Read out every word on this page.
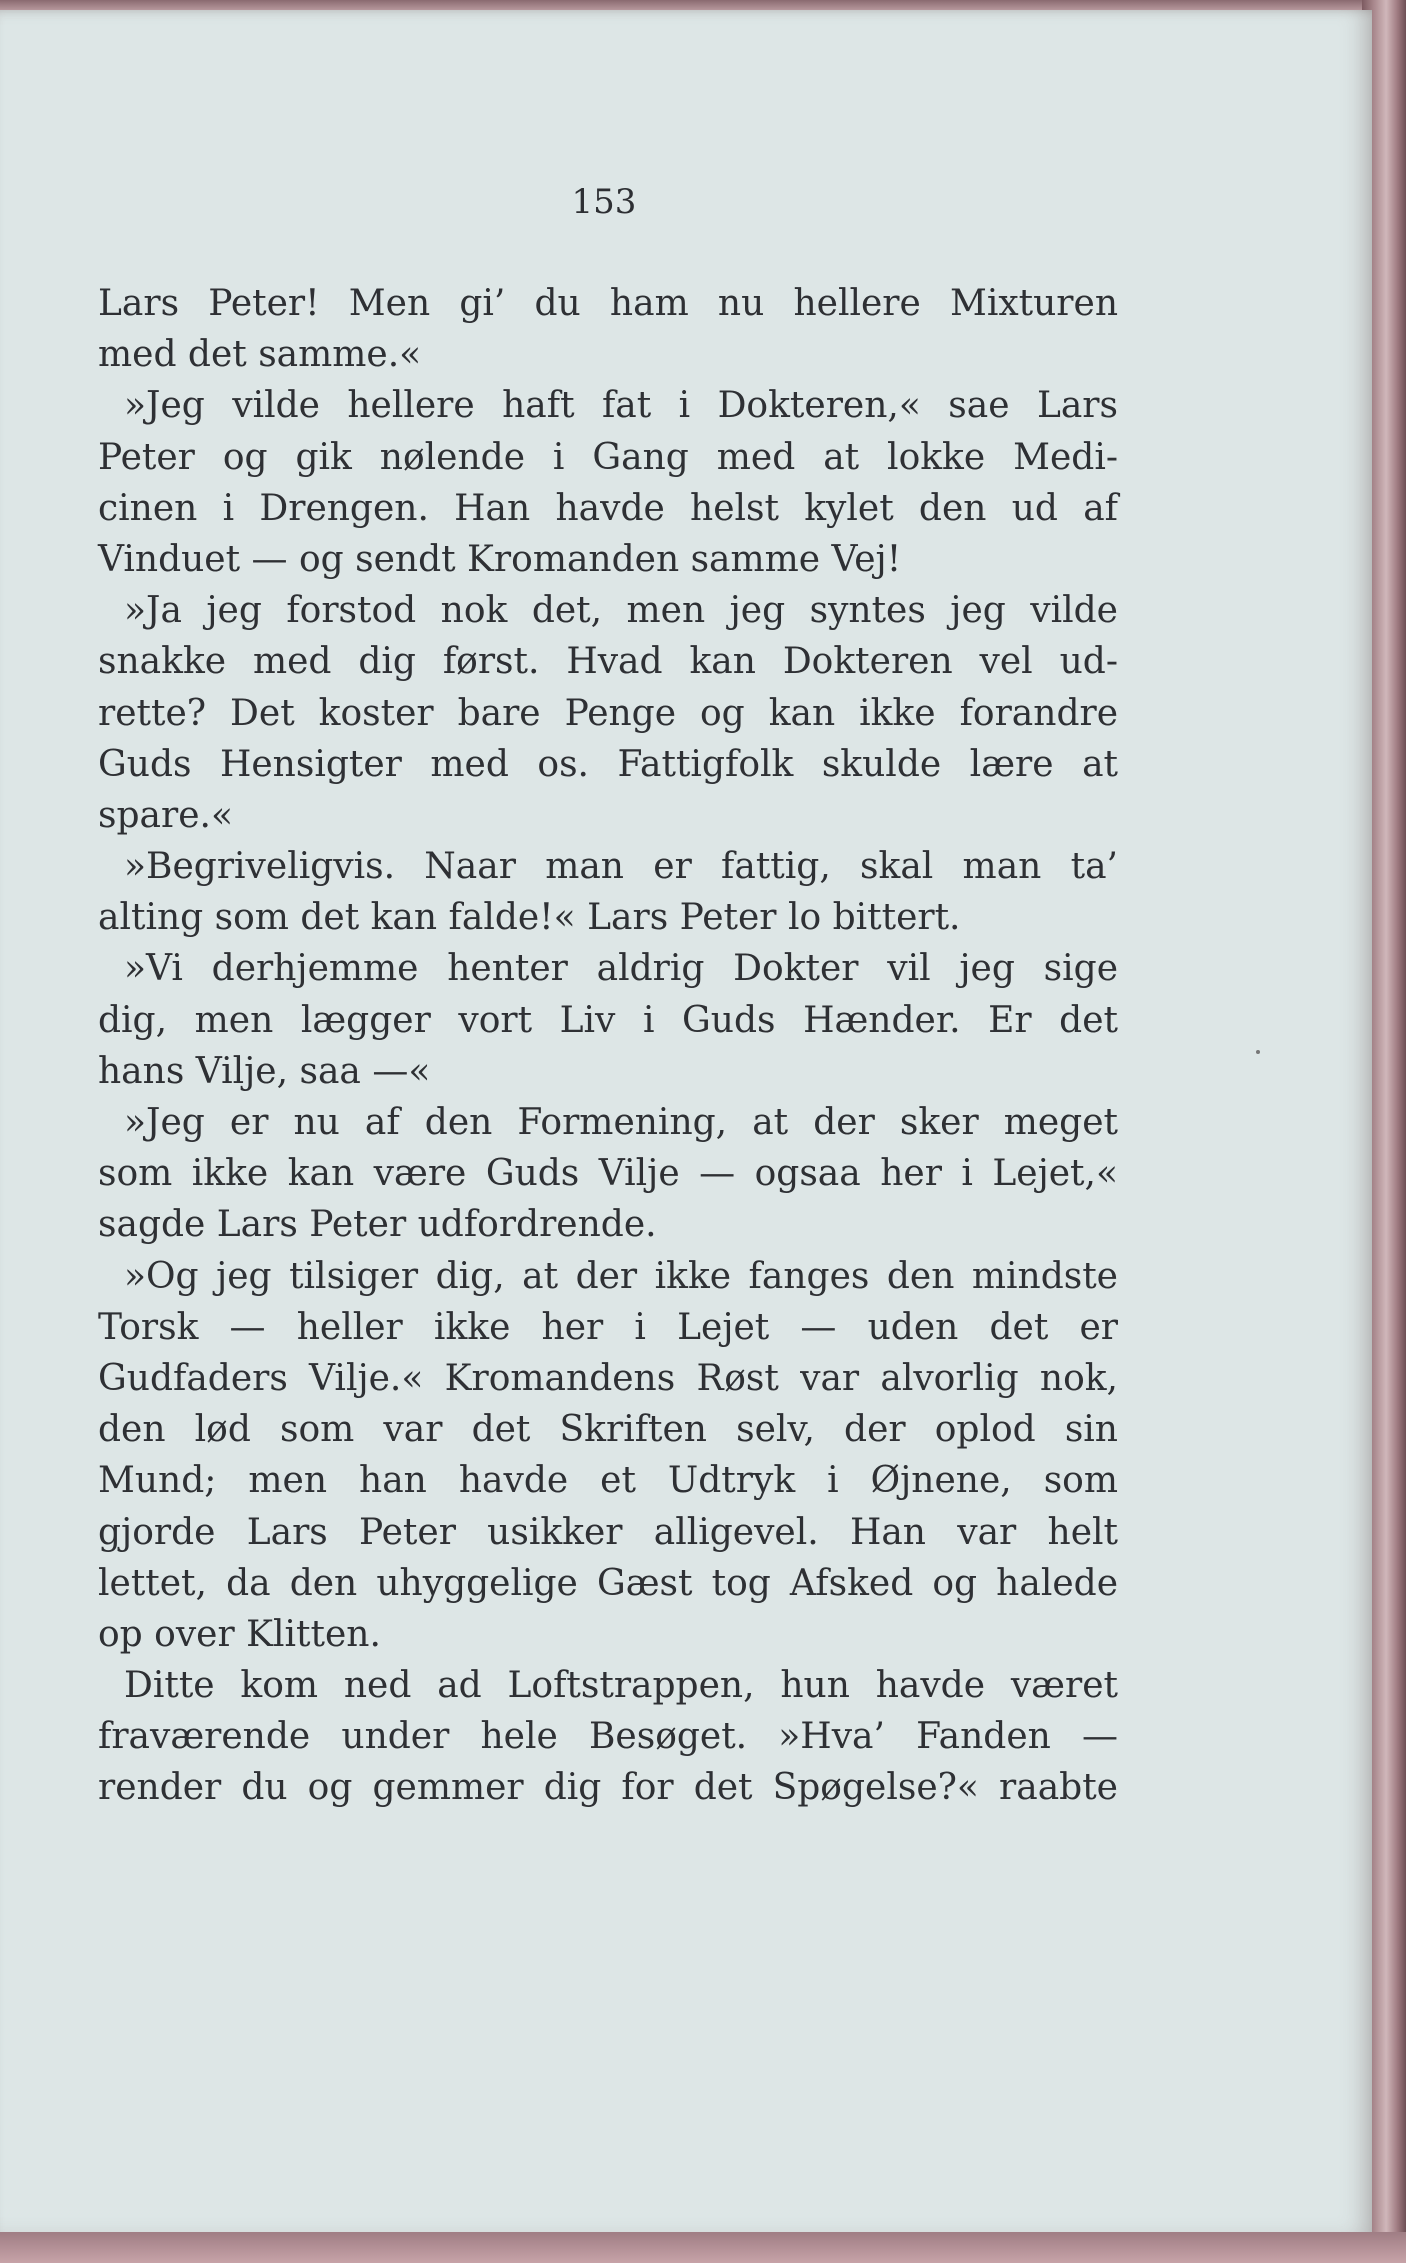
153
Lars Peter! Men gi’ du ham nu hellere Mixturen
med det samme.«
»Jeg vilde hellere haft fat i Dokteren,« sae Lars
Peter og gik nølende i Gang med at lokke Medi-
cinen i Drengen. Han havde helst kylet den ud af
Vinduet — og sendt Kromanden samme Vej!
»Ja jeg forstod nok det, men jeg syntes jeg vilde
snakke med dig først. Hvad kan Dokteren vel ud-
rette? Det koster bare Penge og kan ikke forandre
Guds Hensigter med os. Fattigfolk skulde lære at
spare.«
»Begriveligvis. Naar man er fattig, skal man ta’
alting som det kan falde!« Lars Peter lo bittert.
»Vi derhjemme henter aldrig Dokter vil jeg sige
dig, men lægger vort Liv i Guds Hænder. Er det
hans Vilje, saa —«
»Jeg er nu af den Formening, at der sker meget
som ikke kan være Guds Vilje — ogsaa her i Lejet,«
sagde Lars Peter udfordrende.
»Og jeg tilsiger dig, at der ikke fanges den mindste
Torsk — heller ikke her i Lejet — uden det er
Gudfaders Vilje.« Kromandens Røst var alvorlig nok,
den lød som var det Skriften selv, der oplod sin
Mund; men han havde et Udtryk i Øjnene, som
gjorde Lars Peter usikker alligevel. Han var helt
lettet, da den uhyggelige Gæst tog Afsked og halede
op over Klitten.
Ditte kom ned ad Loftstrappen, hun havde været
fraværende under hele Besøget. »Hva’ Fanden —
render du og gemmer dig for det Spøgelse?« raabte
